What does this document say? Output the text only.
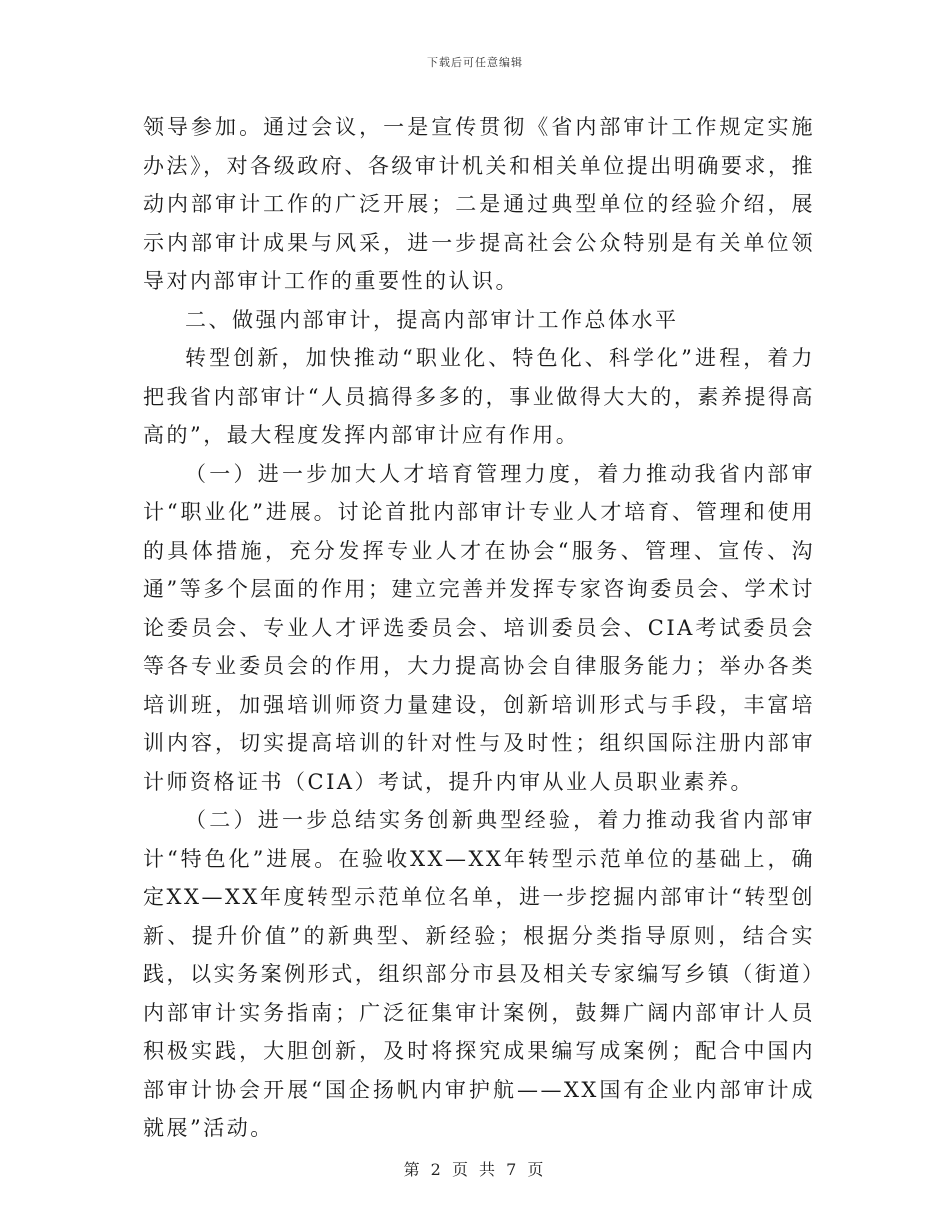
下载后可任意编辑

领导参加。通过会议，一是宣传贯彻《省内部审计工作规定实施办法》，对各级政府、各级审计机关和相关单位提出明确要求，推动内部审计工作的广泛开展；二是通过典型单位的经验介绍，展示内部审计成果与风采，进一步提高社会公众特别是有关单位领导对内部审计工作的重要性的认识。

二、做强内部审计，提高内部审计工作总体水平

转型创新，加快推动“职业化、特色化、科学化”进程，着力把我省内部审计“人员搞得多多的，事业做得大大的，素养提得高高的”，最大程度发挥内部审计应有作用。

（一）进一步加大人才培育管理力度，着力推动我省内部审计“职业化”进展。讨论首批内部审计专业人才培育、管理和使用的具体措施，充分发挥专业人才在协会“服务、管理、宣传、沟通”等多个层面的作用；建立完善并发挥专家咨询委员会、学术讨论委员会、专业人才评选委员会、培训委员会、CIA考试委员会等各专业委员会的作用，大力提高协会自律服务能力；举办各类培训班，加强培训师资力量建设，创新培训形式与手段，丰富培训内容，切实提高培训的针对性与及时性；组织国际注册内部审计师资格证书（CIA）考试，提升内审从业人员职业素养。

（二）进一步总结实务创新典型经验，着力推动我省内部审计“特色化”进展。在验收XX—XX年转型示范单位的基础上，确定XX—XX年度转型示范单位名单，进一步挖掘内部审计“转型创新、提升价值”的新典型、新经验；根据分类指导原则，结合实践，以实务案例形式，组织部分市县及相关专家编写乡镇（街道）内部审计实务指南；广泛征集审计案例，鼓舞广阔内部审计人员积极实践，大胆创新，及时将探究成果编写成案例；配合中国内部审计协会开展“国企扬帆内审护航——XX国有企业内部审计成就展”活动。

第 2 页 共 7 页
